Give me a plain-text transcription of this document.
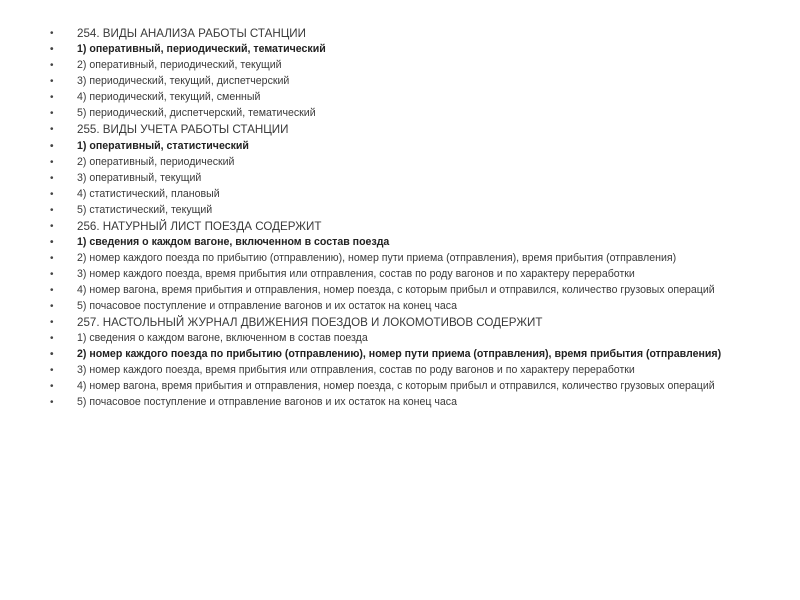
• 254. ВИДЫ АНАЛИЗА РАБОТЫ СТАНЦИИ
• 1) оперативный, периодический, тематический
• 2) оперативный, периодический, текущий
• 3) периодический, текущий, диспетчерский
• 4) периодический, текущий, сменный
• 5) периодический, диспетчерский, тематический
• 255. ВИДЫ УЧЕТА РАБОТЫ СТАНЦИИ
• 1) оперативный, статистический
• 2) оперативный, периодический
• 3) оперативный, текущий
• 4) статистический, плановый
• 5) статистический, текущий
• 256. НАТУРНЫЙ ЛИСТ ПОЕЗДА СОДЕРЖИТ
• 1) сведения о каждом вагоне, включенном в состав поезда
• 2) номер каждого поезда по прибытию (отправлению), номер пути приема (отправления), время прибытия (отправления)
• 3) номер каждого поезда, время прибытия или отправления, состав по роду вагонов и по характеру переработки
• 4) номер вагона, время прибытия и отправления, номер поезда, с которым прибыл и отправился, количество грузовых операций
• 5) почасовое поступление и отправление вагонов и их остаток на конец часа
• 257. НАСТОЛЬНЫЙ ЖУРНАЛ ДВИЖЕНИЯ ПОЕЗДОВ И ЛОКОМОТИВОВ СОДЕРЖИТ
• 1) сведения о каждом вагоне, включенном в состав поезда
• 2) номер каждого поезда по прибытию (отправлению), номер пути приема (отправления), время прибытия (отправления)
• 3) номер каждого поезда, время прибытия или отправления, состав по роду вагонов и по характеру переработки
• 4) номер вагона, время прибытия и отправления, номер поезда, с которым прибыл и отправился, количество грузовых операций
• 5) почасовое поступление и отправление вагонов и их остаток на конец часа
